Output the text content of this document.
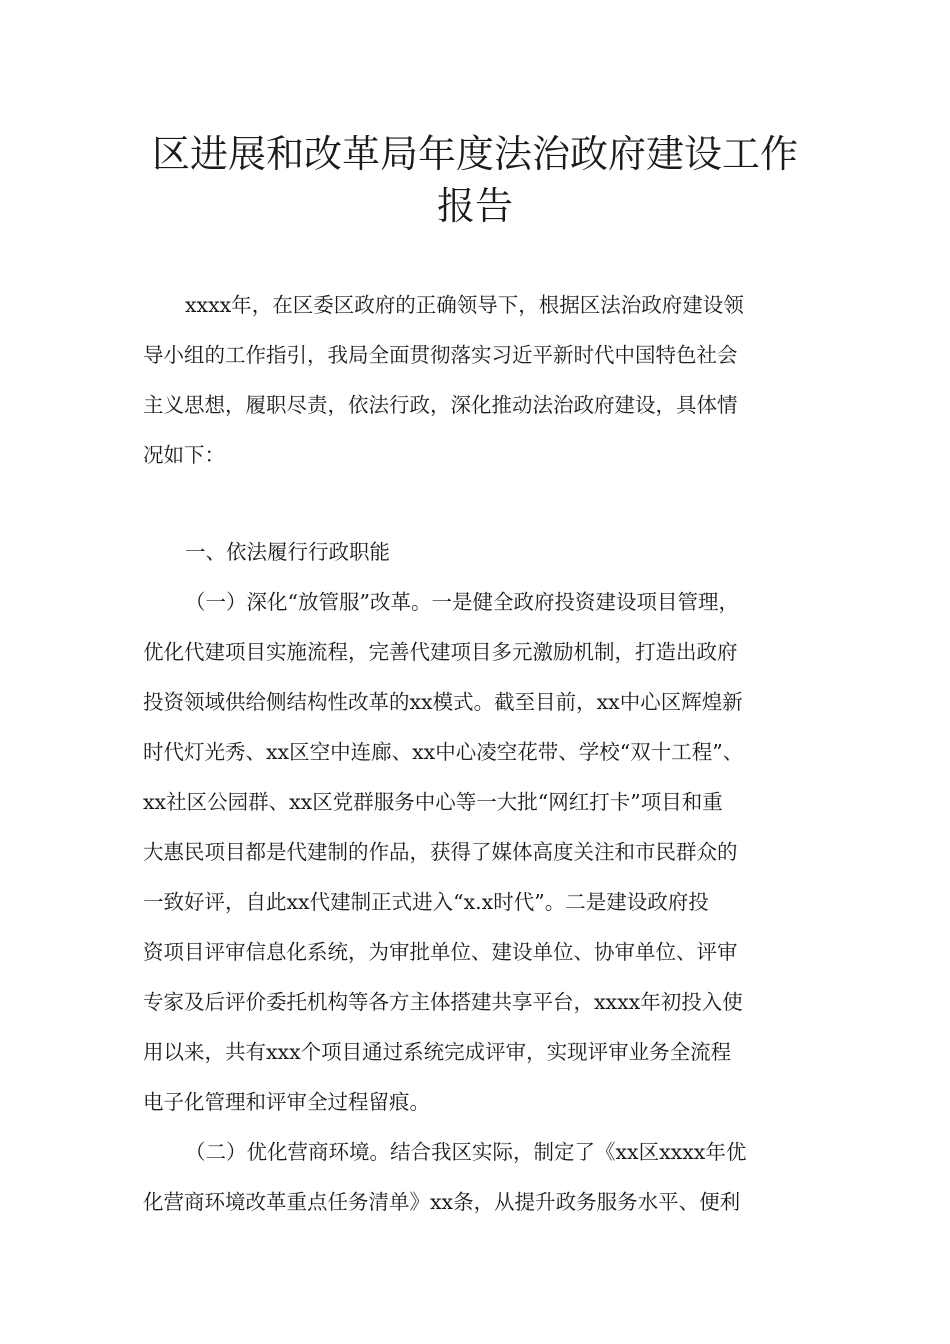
区进展和改革局年度法治政府建设工作
报告
xxxx年，在区委区政府的正确领导下，根据区法治政府建设领
导小组的工作指引，我局全面贯彻落实习近平新时代中国特色社会
主义思想，履职尽责，依法行政，深化推动法治政府建设，具体情
况如下：
一、依法履行行政职能
（一）深化“放管服”改革。一是健全政府投资建设项目管理，
优化代建项目实施流程，完善代建项目多元激励机制，打造出政府
投资领域供给侧结构性改革的xx模式。截至目前，xx中心区辉煌新
时代灯光秀、xx区空中连廊、xx中心凌空花带、学校“双十工程”、
xx社区公园群、xx区党群服务中心等一大批“网红打卡”项目和重
大惠民项目都是代建制的作品，获得了媒体高度关注和市民群众的
一致好评，自此xx代建制正式进入“x.x时代”。二是建设政府投
资项目评审信息化系统，为审批单位、建设单位、协审单位、评审
专家及后评价委托机构等各方主体搭建共享平台，xxxx年初投入使
用以来，共有xxx个项目通过系统完成评审，实现评审业务全流程
电子化管理和评审全过程留痕。
（二）优化营商环境。结合我区实际，制定了《xx区xxxx年优
化营商环境改革重点任务清单》xx条，从提升政务服务水平、便利
